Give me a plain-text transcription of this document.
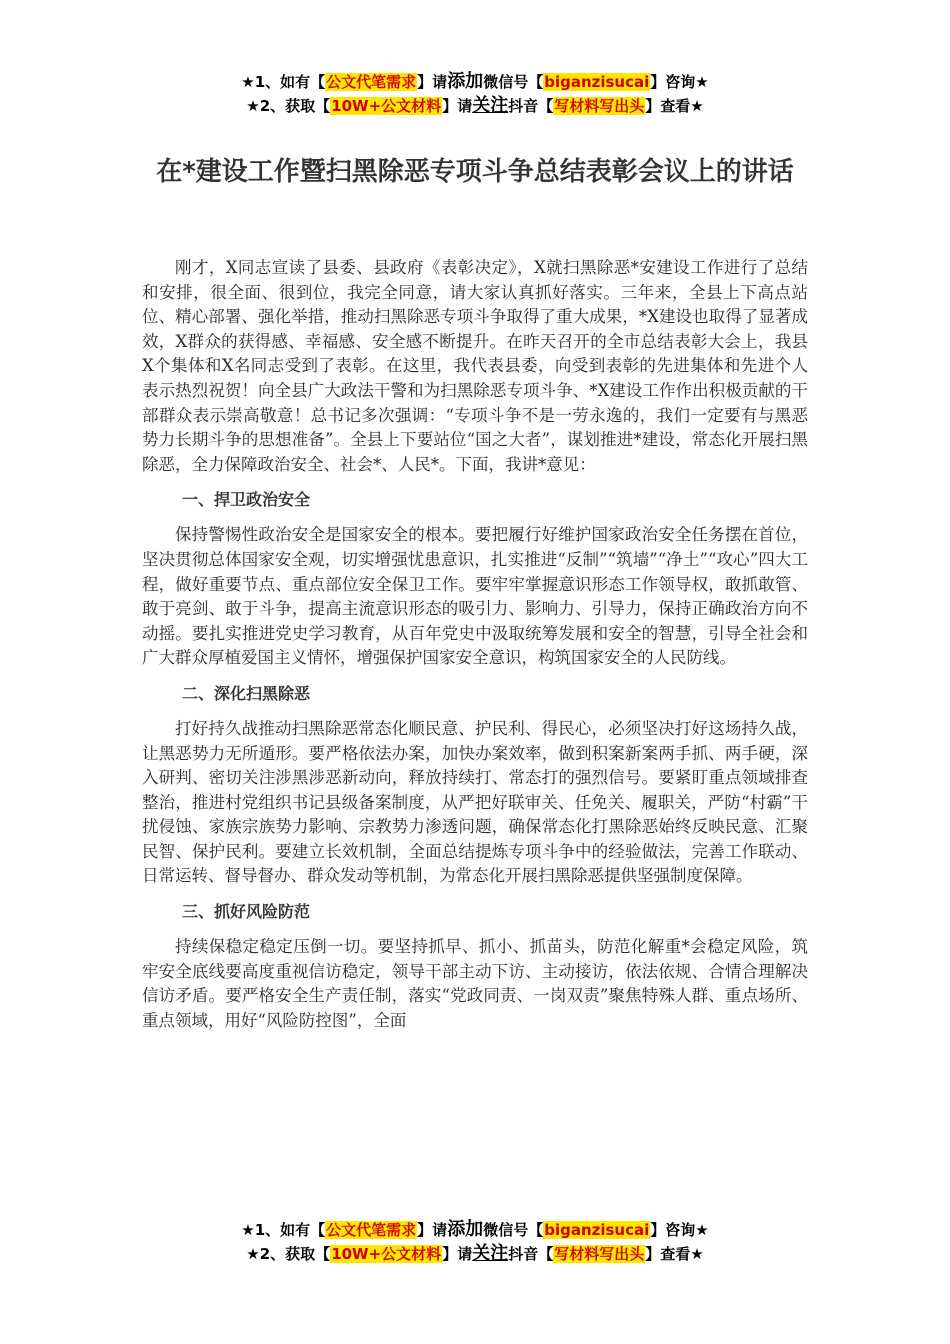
★1、如有【公文代笔需求】请添加微信号【biganzisucai】咨询★
★2、获取【10W+公文材料】请关注抖音【写材料写出头】查看★
在*建设工作暨扫黑除恶专项斗争总结表彰会议上的讲话

刚才，X同志宣读了县委、县政府《表彰决定》，X就扫黑除恶*安建设工作进行了总结和安排，很全面、很到位，我完全同意，请大家认真抓好落实。三年来，全县上下高点站位、精心部署、强化举措，推动扫黑除恶专项斗争取得了重大成果，*X建设也取得了显著成效，X群众的获得感、幸福感、安全感不断提升。在昨天召开的全市总结表彰大会上，我县X个集体和X名同志受到了表彰。在这里，我代表县委，向受到表彰的先进集体和先进个人表示热烈祝贺！向全县广大政法干警和为扫黑除恶专项斗争、*X建设工作作出积极贡献的干部群众表示崇高敬意！总书记多次强调：“专项斗争不是一劳永逸的，我们一定要有与黑恶势力长期斗争的思想准备”。全县上下要站位“国之大者”，谋划推进*建设，常态化开展扫黑除恶，全力保障政治安全、社会*、人民*。下面，我讲*意见：

一、捍卫政治安全

保持警惕性政治安全是国家安全的根本。要把履行好维护国家政治安全任务摆在首位，坚决贯彻总体国家安全观，切实增强忧患意识，扎实推进“反制”“筑墙”“净土”“攻心”四大工程，做好重要节点、重点部位安全保卫工作。要牢牢掌握意识形态工作领导权，敢抓敢管、敢于亮剑、敢于斗争，提高主流意识形态的吸引力、影响力、引导力，保持正确政治方向不动摇。要扎实推进党史学习教育，从百年党史中汲取统筹发展和安全的智慧，引导全社会和广大群众厚植爱国主义情怀，增强保护国家安全意识，构筑国家安全的人民防线。

二、深化扫黑除恶

打好持久战推动扫黑除恶常态化顺民意、护民利、得民心，必须坚决打好这场持久战，让黑恶势力无所遁形。要严格依法办案，加快办案效率，做到积案新案两手抓、两手硬，深入研判、密切关注涉黑涉恶新动向，释放持续打、常态打的强烈信号。要紧盯重点领域排查整治，推进村党组织书记县级备案制度，从严把好联审关、任免关、履职关，严防“村霸”干扰侵蚀、家族宗族势力影响、宗教势力渗透问题，确保常态化打黑除恶始终反映民意、汇聚民智、保护民利。要建立长效机制，全面总结提炼专项斗争中的经验做法，完善工作联动、日常运转、督导督办、群众发动等机制，为常态化开展扫黑除恶提供坚强制度保障。

三、抓好风险防范

持续保稳定稳定压倒一切。要坚持抓早、抓小、抓苗头，防范化解重*会稳定风险，筑牢安全底线要高度重视信访稳定，领导干部主动下访、主动接访，依法依规、合情合理解决信访矛盾。要严格安全生产责任制，落实“党政同责、一岗双责”聚焦特殊人群、重点场所、重点领域，用好“风险防控图”，全面

★1、如有【公文代笔需求】请添加微信号【biganzisucai】咨询★
★2、获取【10W+公文材料】请关注抖音【写材料写出头】查看★
